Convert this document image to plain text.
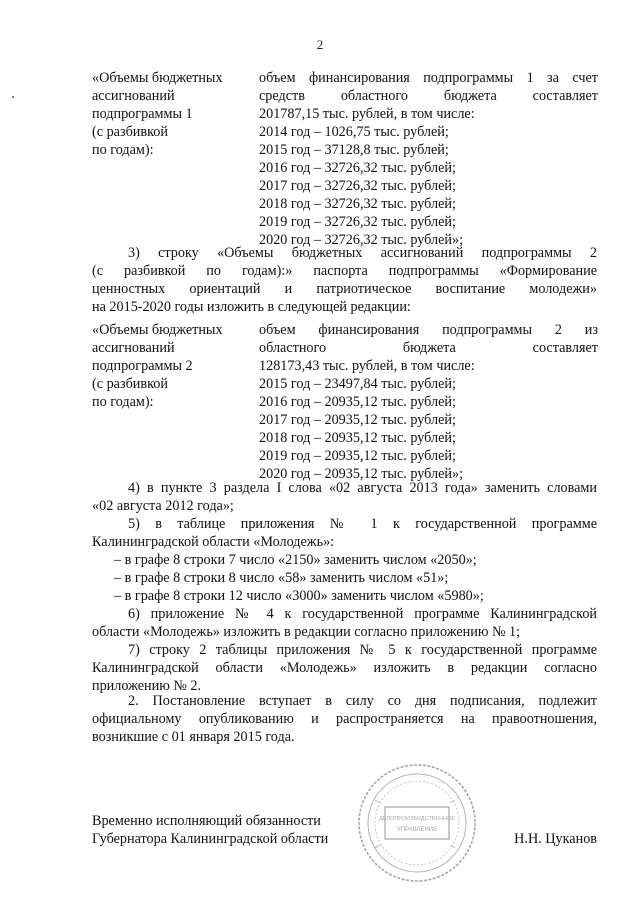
2
«Объемы бюджетных
ассигнований
подпрограммы 1
(с разбивкой
по годам):
объем финансирования подпрограммы 1 за счет
средств областного бюджета составляет
201787,15 тыс. рублей, в том числе:
2014 год – 1026,75 тыс. рублей;
2015 год – 37128,8 тыс. рублей;
2016 год – 32726,32 тыс. рублей;
2017 год – 32726,32 тыс. рублей;
2018 год – 32726,32 тыс. рублей;
2019 год – 32726,32 тыс. рублей;
2020 год – 32726,32 тыс. рублей»;
3) строку «Объемы бюджетных ассигнований подпрограммы 2
(с разбивкой по годам):» паспорта подпрограммы «Формирование
ценностных ориентаций и патриотическое воспитание молодежи»
на 2015-2020 годы изложить в следующей редакции:
«Объемы бюджетных
ассигнований
подпрограммы 2
(с разбивкой
по годам):
объем финансирования подпрограммы 2 из
областного бюджета составляет
128173,43 тыс. рублей, в том числе:
2015 год – 23497,84 тыс. рублей;
2016 год – 20935,12 тыс. рублей;
2017 год – 20935,12 тыс. рублей;
2018 год – 20935,12 тыс. рублей;
2019 год – 20935,12 тыс. рублей;
2020 год – 20935,12 тыс. рублей»;
4) в пункте 3 раздела I слова «02 августа 2013 года» заменить словами
«02 августа 2012 года»;
5) в таблице приложения № 1 к государственной программе
Калининградской области «Молодежь»:
– в графе 8 строки 7 число «2150» заменить числом «2050»;
– в графе 8 строки 8 число «58» заменить числом «51»;
– в графе 8 строки 12 число «3000» заменить числом «5980»;
6) приложение № 4 к государственной программе Калининградской
области «Молодежь» изложить в редакции согласно приложению № 1;
7) строку 2 таблицы приложения № 5 к государственной программе
Калининградской области «Молодежь» изложить в редакции согласно
приложению № 2.
2. Постановление вступает в силу со дня подписания, подлежит
официальному опубликованию и распространяется на правоотношения,
возникшие с 01 января 2015 года.
ДЕЛОПРОИЗВОДСТВЕННОЕ
УПРАВЛЕНИЕ
Временно исполняющий обязанности
Губернатора Калининградской области	Н.Н. Цуканов
